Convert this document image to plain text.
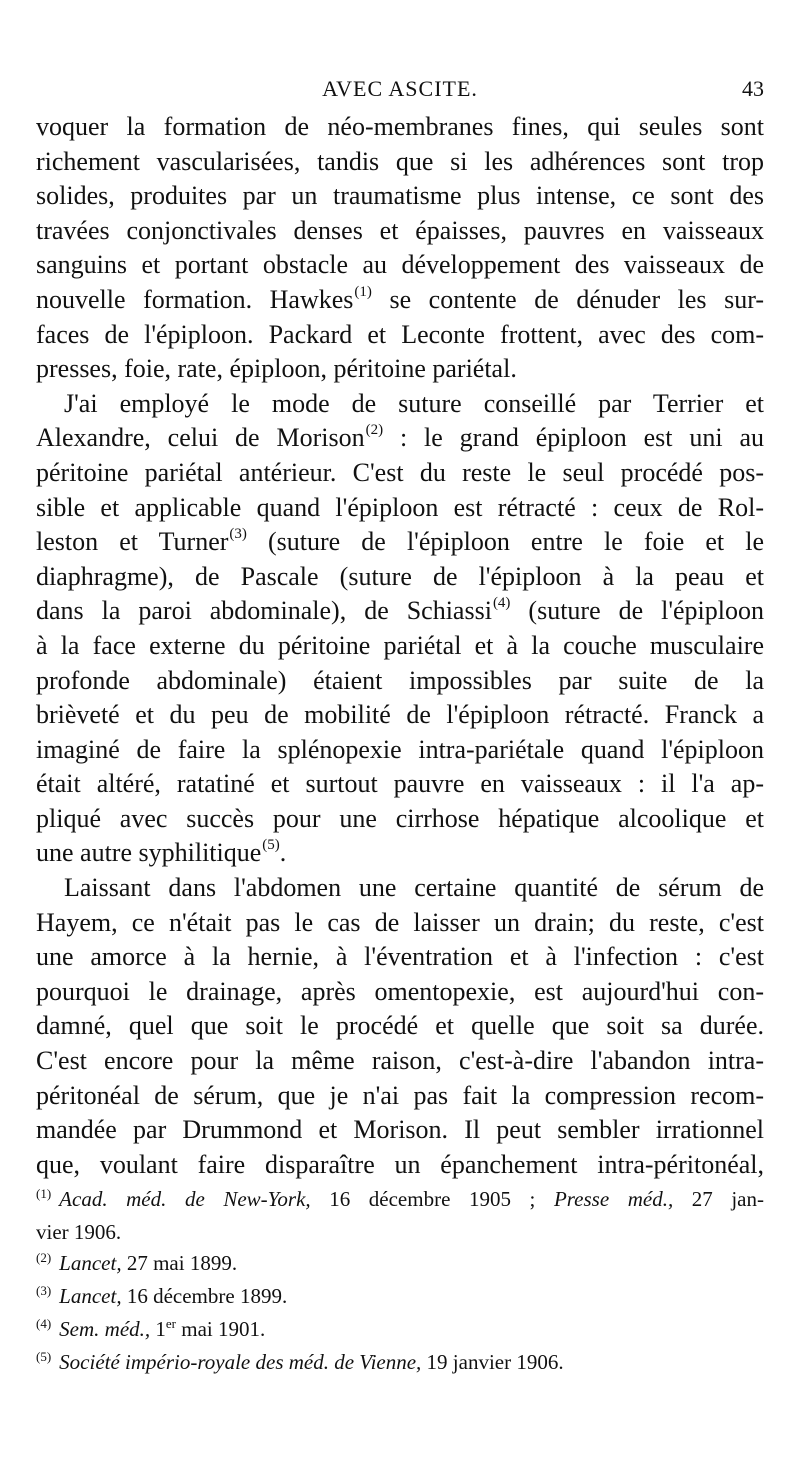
AVEC ASCITE.	43
voquer la formation de néo-membranes fines, qui seules sont
richement vascularisées, tandis que si les adhérences sont trop
solides, produites par un traumatisme plus intense, ce sont des
travées conjonctivales denses et épaisses, pauvres en vaisseaux
sanguins et portant obstacle au développement des vaisseaux de
nouvelle formation. Hawkes$^{(1)}$ se contente de dénuder les sur-
faces de l'épiploon. Packard et Leconte frottent, avec des com-
presses, foie, rate, épiploon, péritoine pariétal.
J'ai employé le mode de suture conseillé par Terrier et
Alexandre, celui de Morison$^{(2)}$ : le grand épiploon est uni au
péritoine pariétal antérieur. C'est du reste le seul procédé pos-
sible et applicable quand l'épiploon est rétracté : ceux de Rol-
leston et Turner$^{(3)}$ (suture de l'épiploon entre le foie et le
diaphragme), de Pascale (suture de l'épiploon à la peau et
dans la paroi abdominale), de Schiassi$^{(4)}$ (suture de l'épiploon
à la face externe du péritoine pariétal et à la couche musculaire
profonde abdominale) étaient impossibles par suite de la
brièveté et du peu de mobilité de l'épiploon rétracté. Franck a
imaginé de faire la splénopexie intra-pariétale quand l'épiploon
était altéré, ratatiné et surtout pauvre en vaisseaux : il l'a ap-
pliqué avec succès pour une cirrhose hépatique alcoolique et
une autre syphilitique$^{(5)}$.
Laissant dans l'abdomen une certaine quantité de sérum de
Hayem, ce n'était pas le cas de laisser un drain; du reste, c'est
une amorce à la hernie, à l'éventration et à l'infection : c'est
pourquoi le drainage, après omentopexie, est aujourd'hui con-
damné, quel que soit le procédé et quelle que soit sa durée.
C'est encore pour la même raison, c'est-à-dire l'abandon intra-
péritonéal de sérum, que je n'ai pas fait la compression recom-
mandée par Drummond et Morison. Il peut sembler irrationnel
que, voulant faire disparaître un épanchement intra-péritonéal,
$^{(1)}$ Acad. méd. de New-York, 16 décembre 1905 ; Presse méd., 27 jan-
vier 1906.
$^{(2)}$ Lancet, 27 mai 1899.
$^{(3)}$ Lancet, 16 décembre 1899.
$^{(4)}$ Sem. méd., 1er mai 1901.
$^{(5)}$ Société império-royale des méd. de Vienne, 19 janvier 1906.
